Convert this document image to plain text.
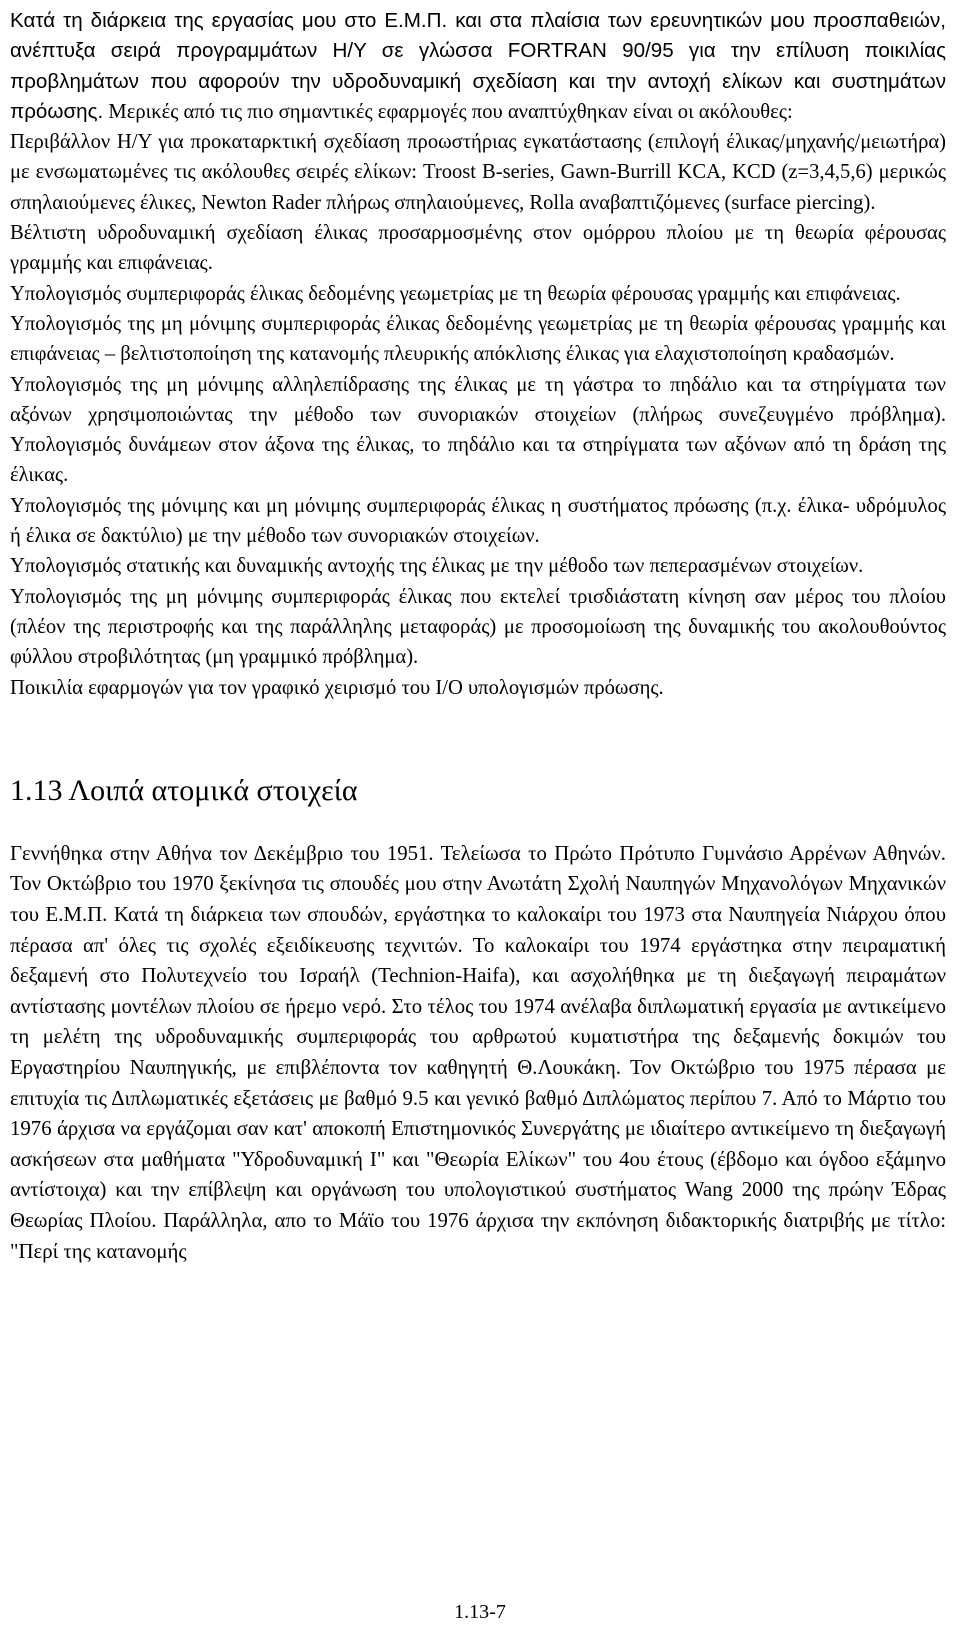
Κατά τη διάρκεια της εργασίας μου στο Ε.Μ.Π. και στα πλαίσια των ερευνητικών μου προσπαθειών, ανέπτυξα σειρά προγραμμάτων Η/Υ σε γλώσσα FORTRAN 90/95 για την επίλυση ποικιλίας προβλημάτων που αφορούν την υδροδυναμική σχεδίαση και την αντοχή ελίκων και συστημάτων πρόωσης. Μερικές από τις πιο σημαντικές εφαρμογές που αναπτύχθηκαν είναι οι ακόλουθες:

Περιβάλλον Η/Υ για προκαταρκτική σχεδίαση προωστήριας εγκατάστασης (επιλογή έλικας/μηχανής/μειωτήρα) με ενσωματωμένες τις ακόλουθες σειρές ελίκων: Troost B-series, Gawn-Burrill KCA, KCD (z=3,4,5,6) μερικώς σπηλαιούμενες έλικες, Newton Rader πλήρως σπηλαιούμενες, Rolla αναβαπτιζόμενες (surface piercing).

Βέλτιστη υδροδυναμική σχεδίαση έλικας προσαρμοσμένης στον ομόρρου πλοίου με τη θεωρία φέρουσας γραμμής και επιφάνειας.

Υπολογισμός συμπεριφοράς έλικας δεδομένης γεωμετρίας με τη θεωρία φέρουσας γραμμής και επιφάνειας.

Υπολογισμός της μη μόνιμης συμπεριφοράς έλικας δεδομένης γεωμετρίας με τη θεωρία φέρουσας γραμμής και επιφάνειας – βελτιστοποίηση της κατανομής πλευρικής απόκλισης έλικας για ελαχιστοποίηση κραδασμών.

Υπολογισμός της μη μόνιμης αλληλεπίδρασης της έλικας με τη γάστρα το πηδάλιο και τα στηρίγματα των αξόνων χρησιμοποιώντας την μέθοδο των συνοριακών στοιχείων (πλήρως συνεζευγμένο πρόβλημα). Υπολογισμός δυνάμεων στον άξονα της έλικας, το πηδάλιο και τα στηρίγματα των αξόνων από τη δράση της έλικας.

Υπολογισμός της μόνιμης και μη μόνιμης συμπεριφοράς έλικας η συστήματος πρόωσης (π.χ. έλικα- υδρόμυλος ή έλικα σε δακτύλιο) με την μέθοδο των συνοριακών στοιχείων.

Υπολογισμός στατικής και δυναμικής αντοχής της έλικας με την μέθοδο των πεπερασμένων στοιχείων.

Υπολογισμός της μη μόνιμης συμπεριφοράς έλικας που εκτελεί τρισδιάστατη κίνηση σαν μέρος του πλοίου (πλέον της περιστροφής και της παράλληλης μεταφοράς) με προσομοίωση της δυναμικής του ακολουθούντος φύλλου στροβιλότητας (μη γραμμικό πρόβλημα).

Ποικιλία εφαρμογών για τον γραφικό χειρισμό του I/O υπολογισμών πρόωσης.

1.13 Λοιπά ατομικά στοιχεία

Γεννήθηκα στην Αθήνα τον Δεκέμβριο του 1951. Τελείωσα το Πρώτο Πρότυπο Γυμνάσιο Αρρένων Αθηνών. Τον Οκτώβριο του 1970 ξεκίνησα τις σπουδές μου στην Ανωτάτη Σχολή Ναυπηγών Μηχανολόγων Μηχανικών του Ε.Μ.Π. Κατά τη διάρκεια των σπουδών, εργάστηκα το καλοκαίρι του 1973 στα Ναυπηγεία Νιάρχου όπου πέρασα απ' όλες τις σχολές εξειδίκευσης τεχνιτών. Το καλοκαίρι του 1974 εργάστηκα στην πειραματική δεξαμενή στο Πολυτεχνείο του Ισραήλ (Technion-Haifa), και ασχολήθηκα με τη διεξαγωγή πειραμάτων αντίστασης μοντέλων πλοίου σε ήρεμο νερό. Στο τέλος του 1974 ανέλαβα διπλωματική εργασία με αντικείμενο τη μελέτη της υδροδυναμικής συμπεριφοράς του αρθρωτού κυματιστήρα της δεξαμενής δοκιμών του Εργαστηρίου Ναυπηγικής, με επιβλέποντα τον καθηγητή Θ.Λουκάκη. Τον Οκτώβριο του 1975 πέρασα με επιτυχία τις Διπλωματικές εξετάσεις με βαθμό 9.5 και γενικό βαθμό Διπλώματος περίπου 7. Από το Μάρτιο του 1976 άρχισα να εργάζομαι σαν κατ' αποκοπή Επιστημονικός Συνεργάτης με ιδιαίτερο αντικείμενο τη διεξαγωγή ασκήσεων στα μαθήματα "Υδροδυναμική Ι" και "Θεωρία Ελίκων" του 4ου έτους (έβδομο και όγδοο εξάμηνο αντίστοιχα) και την επίβλεψη και οργάνωση του υπολογιστικού συστήματος Wang 2000 της πρώην Έδρας Θεωρίας Πλοίου. Παράλληλα, απο το Μάϊο του 1976 άρχισα την εκπόνηση διδακτορικής διατριβής με τίτλο: "Περί της κατανομής

1.13-7
